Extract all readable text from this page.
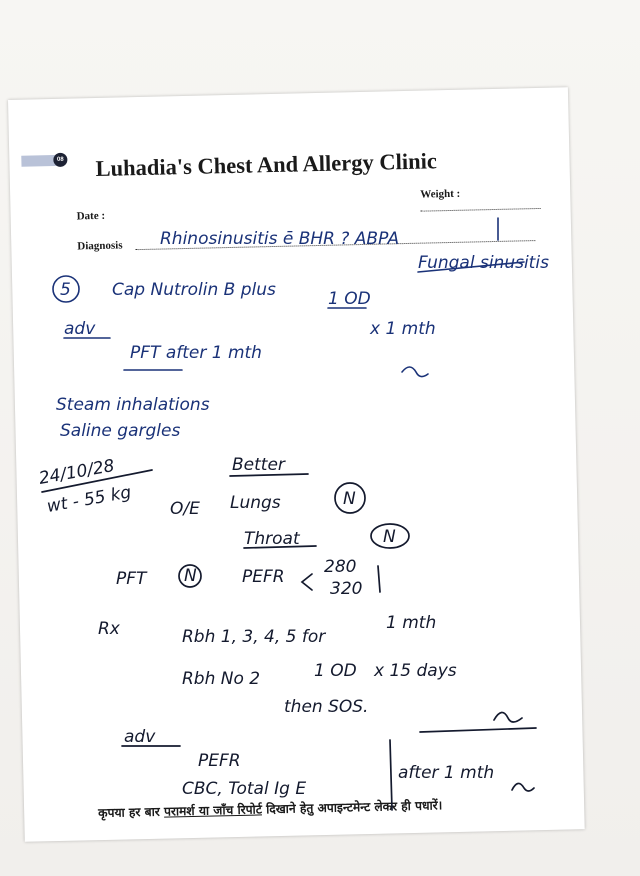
08 Luhadia's Chest And Allergy Clinic
Weight :
Date :
Diagnosis
कृपया हर बार परामर्श या जाँच रिपोर्ट दिखाने हेतु अपाइन्टमेन्ट लेकर ही पधारें।
Rhinosinusitis ē BHR ? ABPA
Fungal sinusitis
5 Cap Nutrolin B plus	1 OD
x 1 mth
adv
PFT after 1 mth
Steam inhalations
Saline gargles
24/10/28
wt - 55 kg
Better
O/E Lungs	N
Throat	N
PFT N	PEFR 280
320
Rx	Rbh 1, 3, 4, 5 for
1 mth
Rbh No 2	1 OD x 15 days
then SOS.
adv
PEFR
CBC, Total Ig E
after 1 mth
